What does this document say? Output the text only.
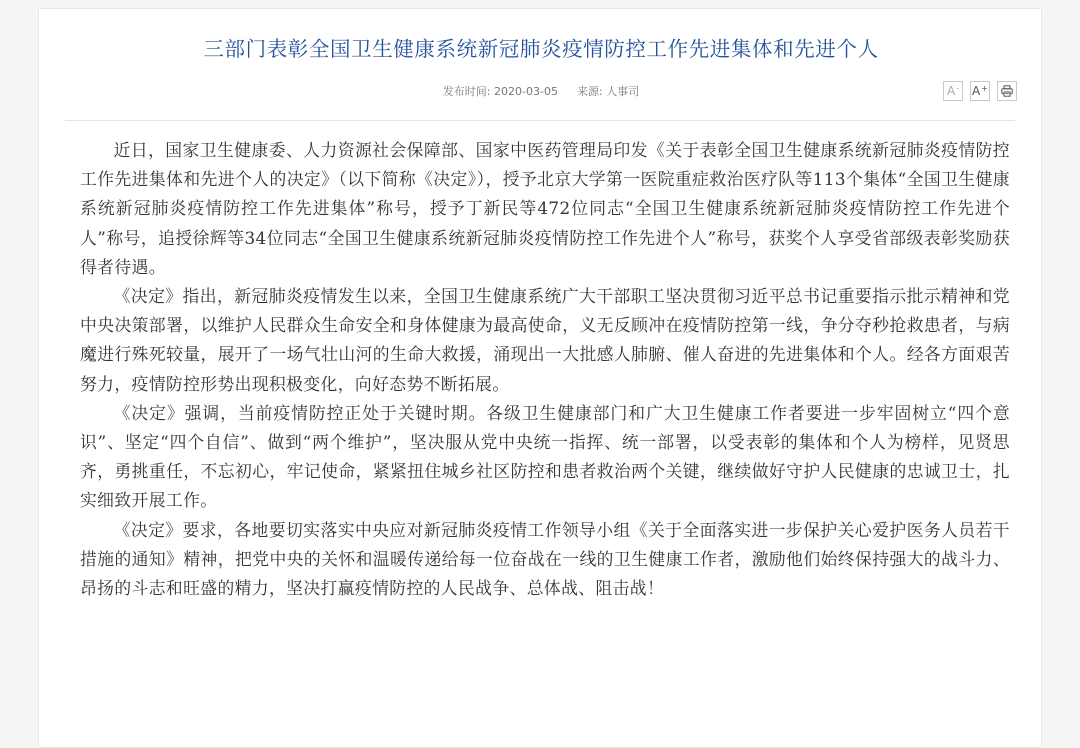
三部门表彰全国卫生健康系统新冠肺炎疫情防控工作先进集体和先进个人
发布时间: 2020-03-05 来源: 人事司	A- A+

近日，国家卫生健康委、人力资源社会保障部、国家中医药管理局印发《关于表彰全国卫生健康系统新冠肺炎疫情防控工作先进集体和先进个人的决定》（以下简称《决定》），授予北京大学第一医院重症救治医疗队等113个集体“全国卫生健康系统新冠肺炎疫情防控工作先进集体”称号，授予丁新民等472位同志“全国卫生健康系统新冠肺炎疫情防控工作先进个人”称号，追授徐辉等34位同志“全国卫生健康系统新冠肺炎疫情防控工作先进个人”称号，获奖个人享受省部级表彰奖励获得者待遇。

《决定》指出，新冠肺炎疫情发生以来，全国卫生健康系统广大干部职工坚决贯彻习近平总书记重要指示批示精神和党中央决策部署，以维护人民群众生命安全和身体健康为最高使命，义无反顾冲在疫情防控第一线，争分夺秒抢救患者，与病魔进行殊死较量，展开了一场气壮山河的生命大救援，涌现出一大批感人肺腑、催人奋进的先进集体和个人。经各方面艰苦努力，疫情防控形势出现积极变化，向好态势不断拓展。

《决定》强调，当前疫情防控正处于关键时期。各级卫生健康部门和广大卫生健康工作者要进一步牢固树立“四个意识”、坚定“四个自信”、做到“两个维护”，坚决服从党中央统一指挥、统一部署，以受表彰的集体和个人为榜样，见贤思齐，勇挑重任，不忘初心，牢记使命，紧紧扭住城乡社区防控和患者救治两个关键，继续做好守护人民健康的忠诚卫士，扎实细致开展工作。

《决定》要求，各地要切实落实中央应对新冠肺炎疫情工作领导小组《关于全面落实进一步保护关心爱护医务人员若干措施的通知》精神，把党中央的关怀和温暖传递给每一位奋战在一线的卫生健康工作者，激励他们始终保持强大的战斗力、昂扬的斗志和旺盛的精力，坚决打赢疫情防控的人民战争、总体战、阻击战！
